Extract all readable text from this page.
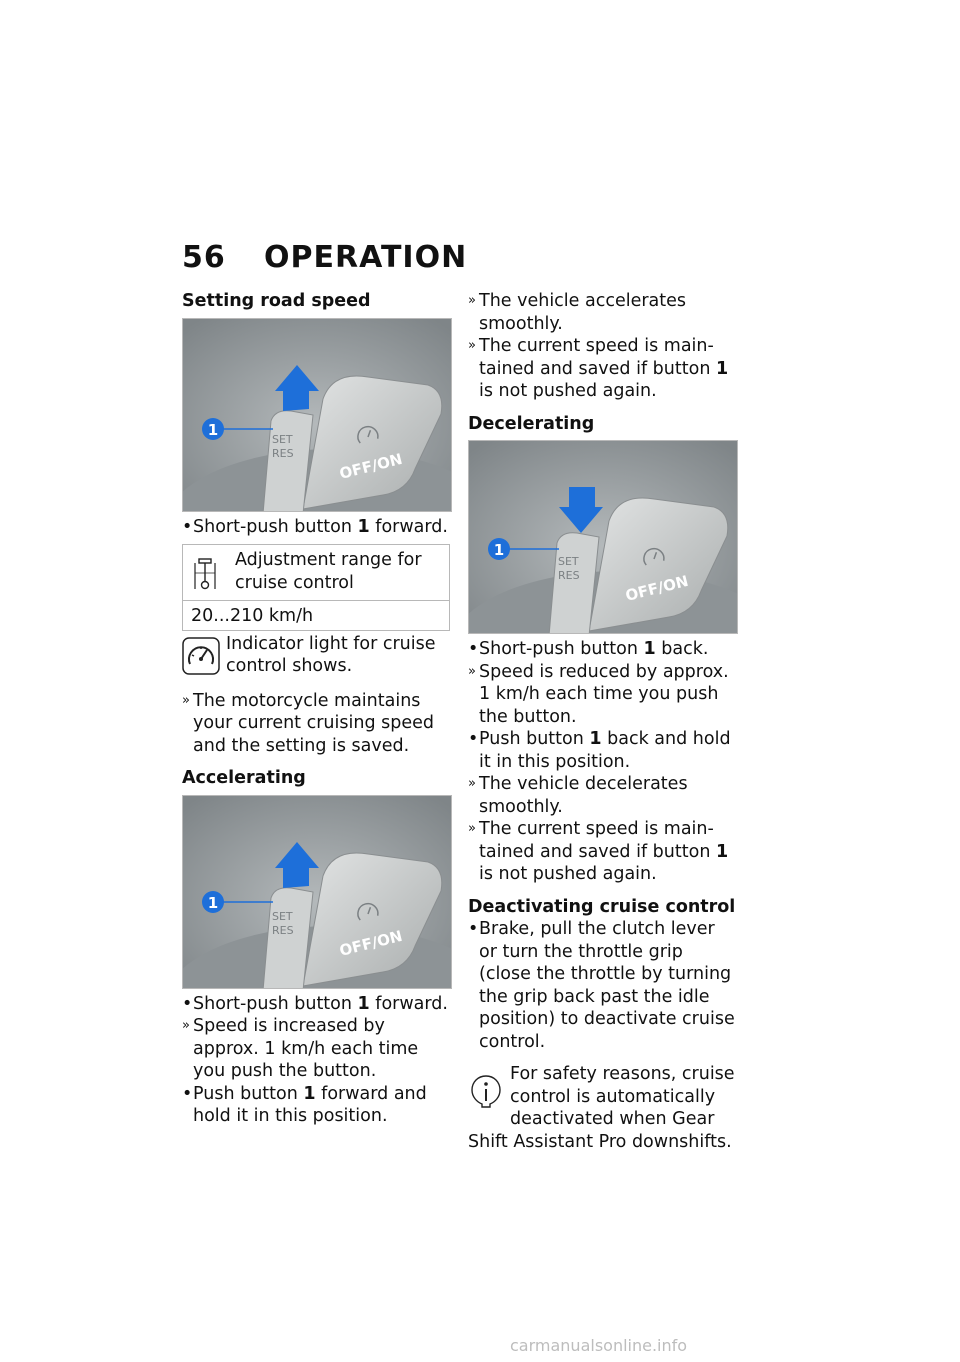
56 OPERATION
Setting road speed
SET
RES	OFF/ON
1
• Short-push button 1 forward.
Adjustment range for cruise control
20...210 km/h
Indicator light for cruise control shows.
» The motorcycle maintains your current cruising speed and the setting is saved.
Accelerating
SET
RES	OFF/ON
1
• Short-push button 1 forward.
» Speed is increased by approx. 1 km/h each time you push the button.
• Push button 1 forward and hold it in this position.
» The vehicle accelerates smoothly.
» The current speed is main-tained and saved if button 1 is not pushed again.
Decelerating
SET
RES	OFF/ON
1
• Short-push button 1 back.
» Speed is reduced by approx. 1 km/h each time you push the button.
• Push button 1 back and hold it in this position.
» The vehicle decelerates smoothly.
» The current speed is main-tained and saved if button 1 is not pushed again.
Deactivating cruise control
• Brake, pull the clutch lever or turn the throttle grip (close the throttle by turning the grip back past the idle position) to deactivate cruise control.
For safety reasons, cruise control is automatically deactivated when Gear Shift Assistant Pro downshifts.
carmanualsonline.info
